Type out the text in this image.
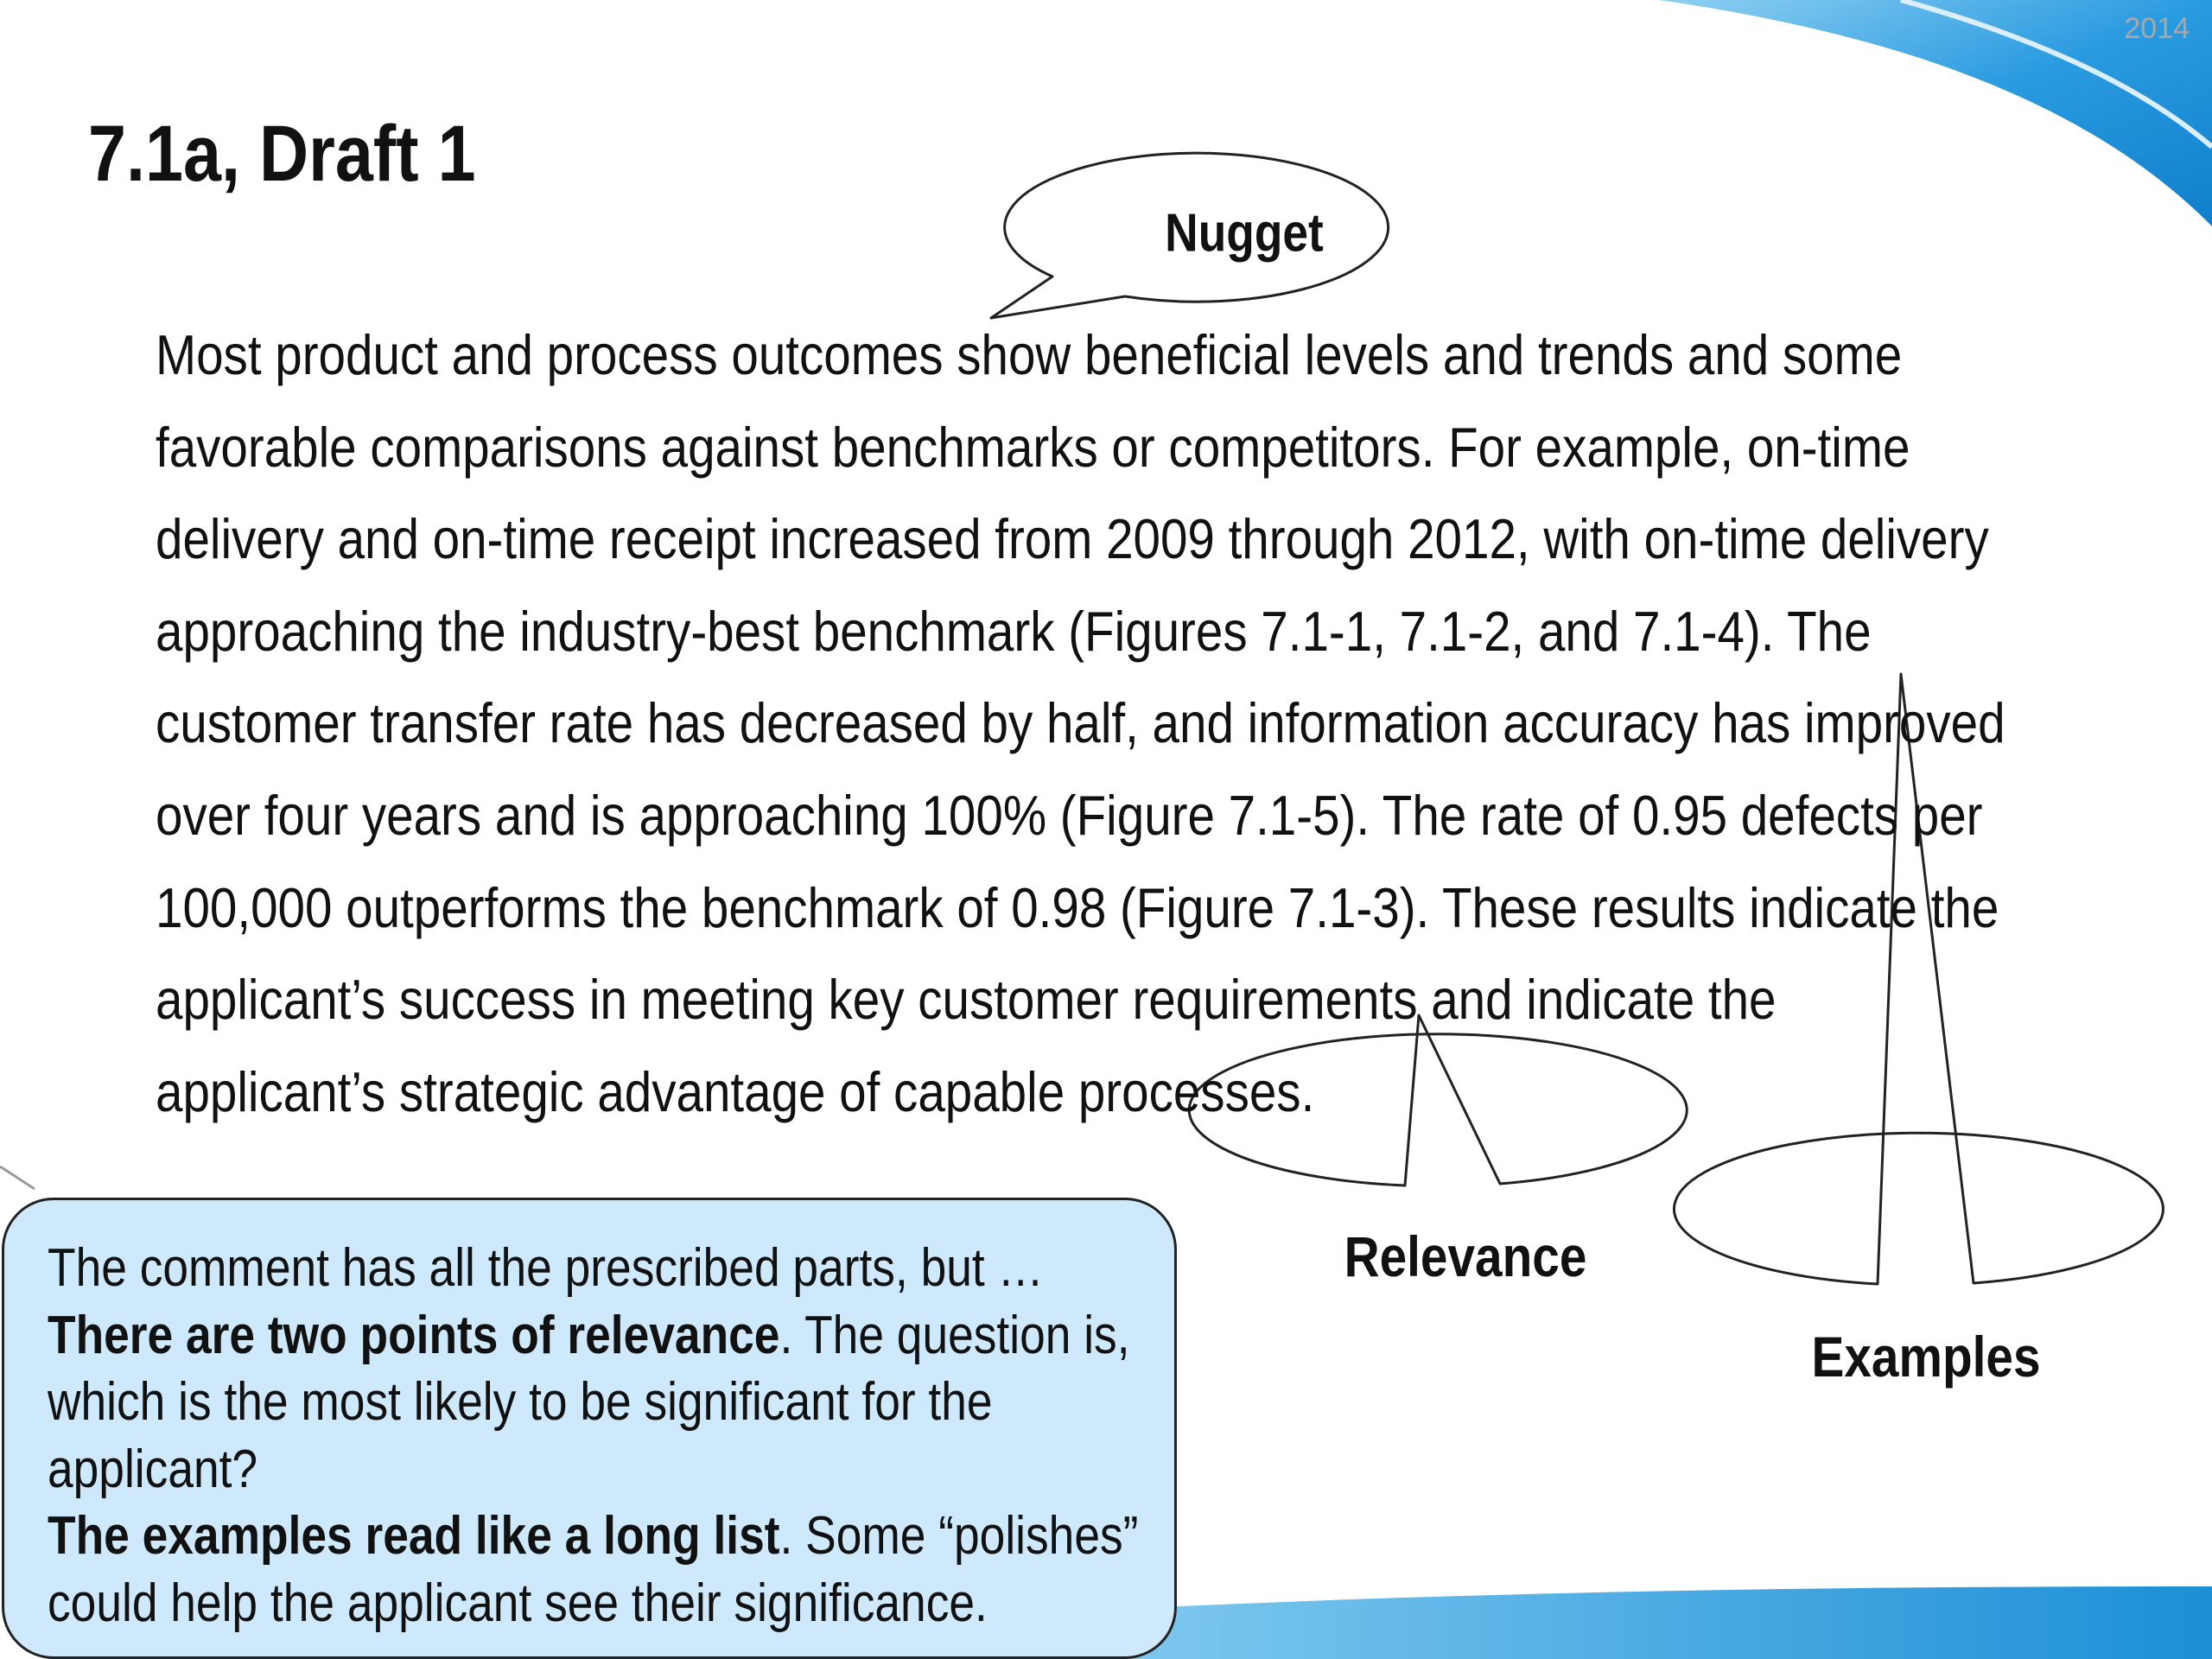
2014
7.1a, Draft 1
Most product and process outcomes show beneficial levels and trends and some
favorable comparisons against benchmarks or competitors. For example, on-time
delivery and on-time receipt increased from 2009 through 2012, with on-time delivery
approaching the industry-best benchmark (Figures 7.1-1, 7.1-2, and 7.1-4). The
customer transfer rate has decreased by half, and information accuracy has improved
over four years and is approaching 100% (Figure 7.1-5). The rate of 0.95 defects per
100,000 outperforms the benchmark of 0.98 (Figure 7.1-3). These results indicate the
applicant’s success in meeting key customer requirements and indicate the
applicant’s strategic advantage of capable processes.
Nugget
Relevance
Examples
The comment has all the prescribed parts, but …
There are two points of relevance. The question is,
which is the most likely to be significant for the
applicant?
The examples read like a long list. Some “polishes”
could help the applicant see their significance.
